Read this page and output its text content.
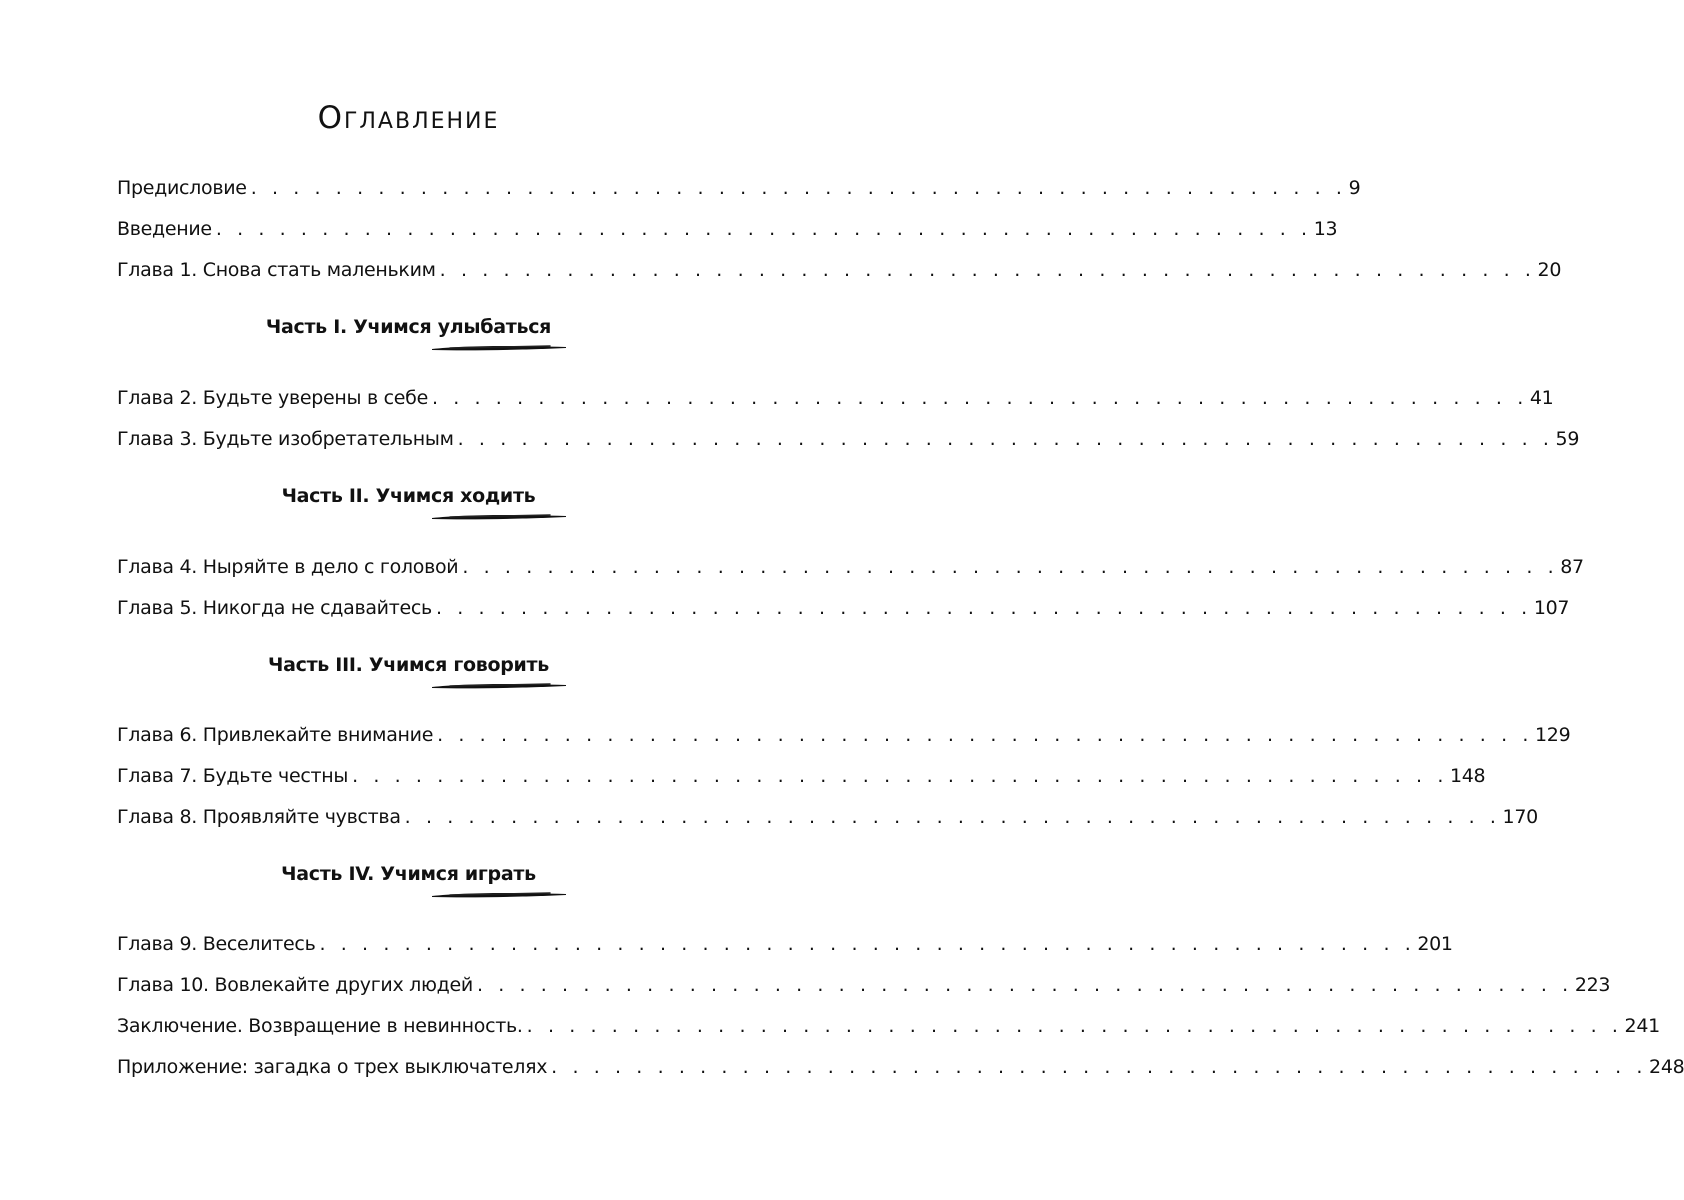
Оглавление
Предисловие . . . . . . . . . . . . . . . . . . . . . . . . . . . . . . . . . . . . . . . . . . . . . . . . . . . . 9
Введение . . . . . . . . . . . . . . . . . . . . . . . . . . . . . . . . . . . . . . . . . . . . . . . . . . . . 13
Глава 1. Снова стать маленьким . . . . . . . . . . . . . . . . . . . . . . . . . . . . . . . . . . . . . . . . . . . . . . . . . . . . 20
Часть I. Учимся улыбаться
Глава 2. Будьте уверены в себе . . . . . . . . . . . . . . . . . . . . . . . . . . . . . . . . . . . . . . . . . . . . . . . . . . . . 41
Глава 3. Будьте изобретательным . . . . . . . . . . . . . . . . . . . . . . . . . . . . . . . . . . . . . . . . . . . . . . . . . . . . 59
Часть II. Учимся ходить
Глава 4. Ныряйте в дело с головой . . . . . . . . . . . . . . . . . . . . . . . . . . . . . . . . . . . . . . . . . . . . . . . . . . . . 87
Глава 5. Никогда не сдавайтесь . . . . . . . . . . . . . . . . . . . . . . . . . . . . . . . . . . . . . . . . . . . . . . . . . . . . 107
Часть III. Учимся говорить
Глава 6. Привлекайте внимание . . . . . . . . . . . . . . . . . . . . . . . . . . . . . . . . . . . . . . . . . . . . . . . . . . . . 129
Глава 7. Будьте честны . . . . . . . . . . . . . . . . . . . . . . . . . . . . . . . . . . . . . . . . . . . . . . . . . . . . 148
Глава 8. Проявляйте чувства . . . . . . . . . . . . . . . . . . . . . . . . . . . . . . . . . . . . . . . . . . . . . . . . . . . . 170
Часть IV. Учимся играть
Глава 9. Веселитесь . . . . . . . . . . . . . . . . . . . . . . . . . . . . . . . . . . . . . . . . . . . . . . . . . . . . 201
Глава 10. Вовлекайте других людей . . . . . . . . . . . . . . . . . . . . . . . . . . . . . . . . . . . . . . . . . . . . . . . . . . . . 223
Заключение. Возвращение в невинность. . . . . . . . . . . . . . . . . . . . . . . . . . . . . . . . . . . . . . . . . . . . . . . . . . . . . 241
Приложение: загадка о трех выключателях . . . . . . . . . . . . . . . . . . . . . . . . . . . . . . . . . . . . . . . . . . . . . . . . . . . . 248
